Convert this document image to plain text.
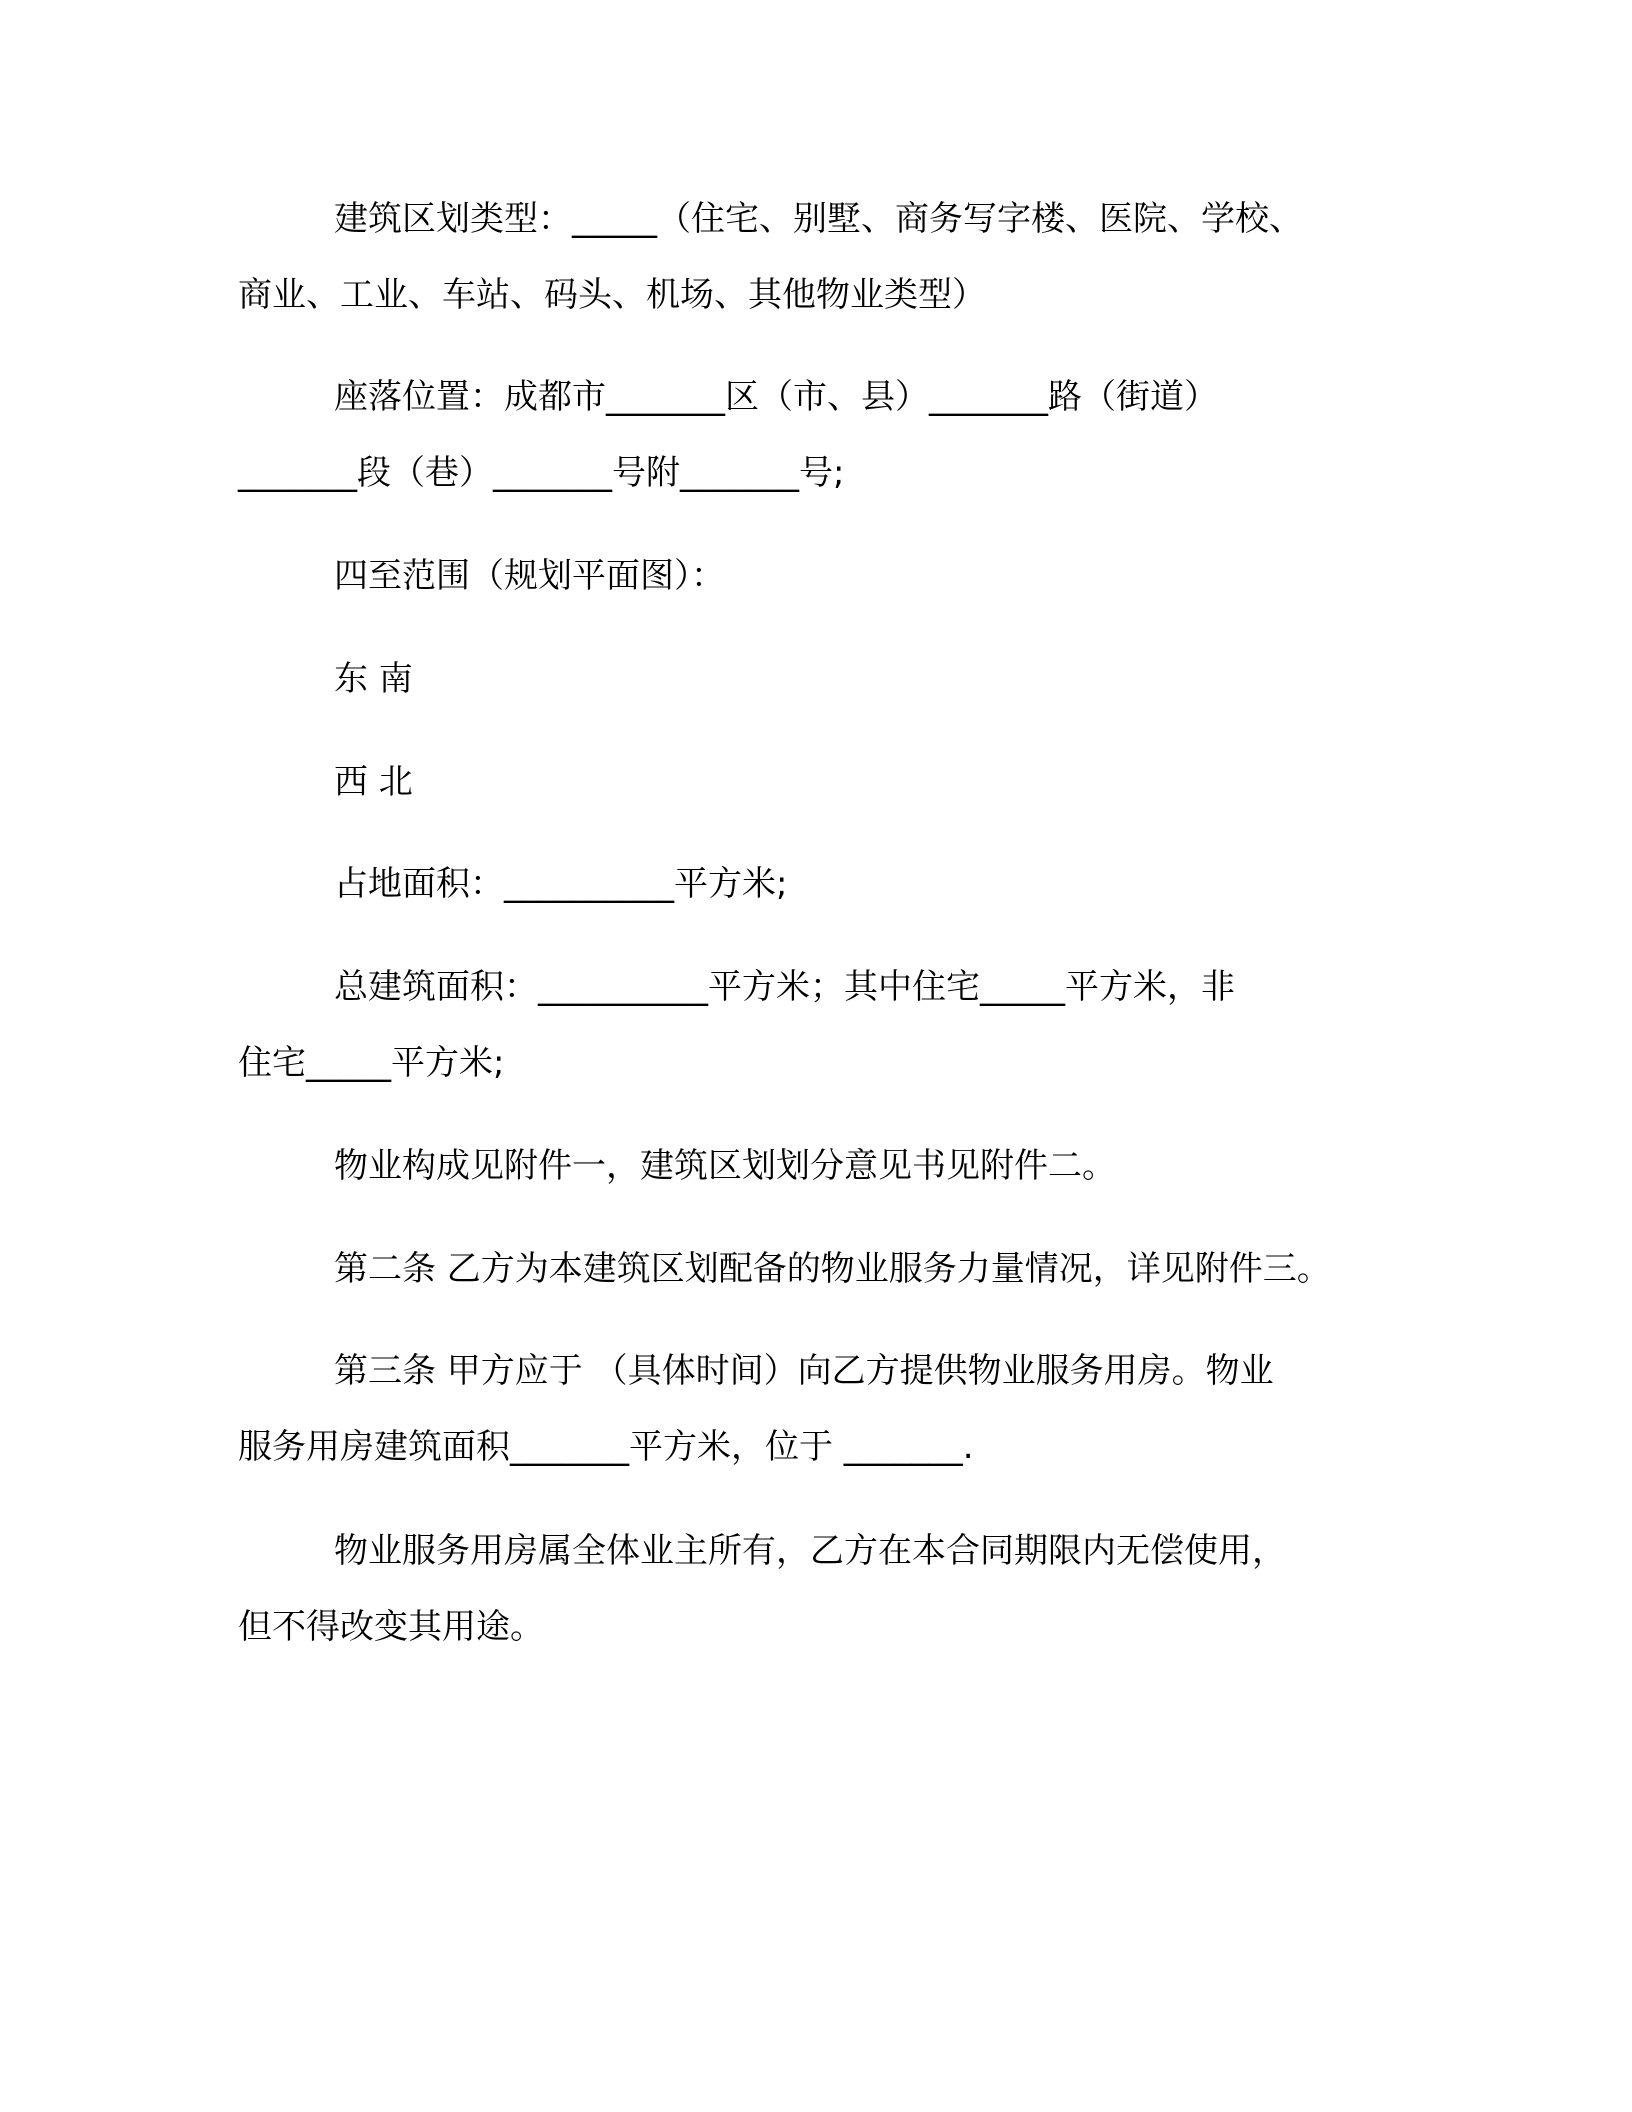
建筑区划类型：_____（住宅、别墅、商务写字楼、医院、学校、
商业、工业、车站、码头、机场、其他物业类型）
座落位置：成都市_______区（市、县）_______路（街道）
_______段（巷）_______号附_______号;
四至范围（规划平面图）：
东 南
西 北
占地面积：__________平方米;
总建筑面积：__________平方米；其中住宅_____平方米，非
住宅_____平方米;
物业构成见附件一，建筑区划划分意见书见附件二。
第二条 乙方为本建筑区划配备的物业服务力量情况，详见附件三。
第三条 甲方应于 （具体时间）向乙方提供物业服务用房。物业
服务用房建筑面积_______平方米，位于 _______.
物业服务用房属全体业主所有，乙方在本合同期限内无偿使用，
但不得改变其用途。
